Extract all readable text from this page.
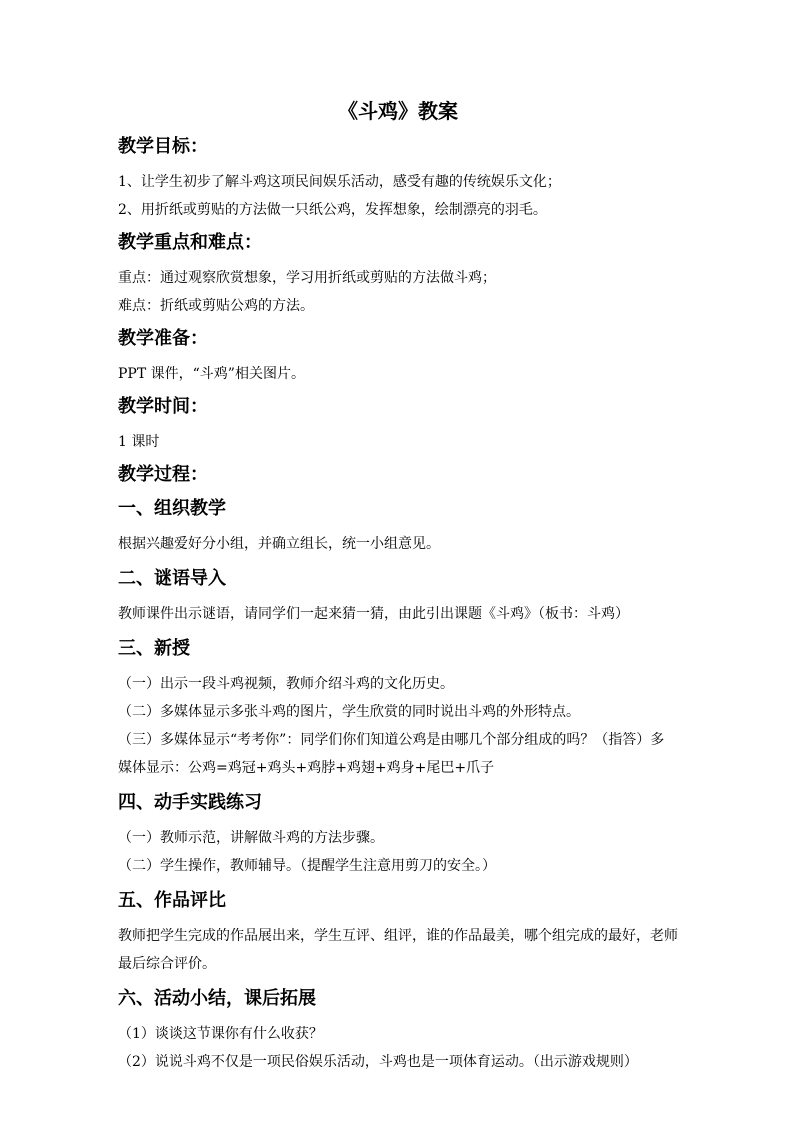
《斗鸡》教案
教学目标：

1、让学生初步了解斗鸡这项民间娱乐活动，感受有趣的传统娱乐文化；

2、用折纸或剪贴的方法做一只纸公鸡，发挥想象，绘制漂亮的羽毛。

教学重点和难点：

重点：通过观察欣赏想象，学习用折纸或剪贴的方法做斗鸡；

难点：折纸或剪贴公鸡的方法。

教学准备：

PPT 课件，“斗鸡”相关图片。

教学时间：

1 课时

教学过程：
一、组织教学

根据兴趣爱好分小组，并确立组长，统一小组意见。

二、谜语导入

教师课件出示谜语，请同学们一起来猜一猜，由此引出课题《斗鸡》（板书：斗鸡）

三、新授

（一）出示一段斗鸡视频，教师介绍斗鸡的文化历史。

（二）多媒体显示多张斗鸡的图片，学生欣赏的同时说出斗鸡的外形特点。

（三）多媒体显示“考考你”：同学们你们知道公鸡是由哪几个部分组成的吗？（指答）多媒体显示：公鸡=鸡冠+鸡头+鸡脖+鸡翅+鸡身+尾巴+爪子

四、动手实践练习

（一）教师示范，讲解做斗鸡的方法步骤。

（二）学生操作，教师辅导。（提醒学生注意用剪刀的安全。）

五、作品评比

教师把学生完成的作品展出来，学生互评、组评，谁的作品最美，哪个组完成的最好，老师最后综合评价。

六、活动小结，课后拓展

（1）谈谈这节课你有什么收获？

（2）说说斗鸡不仅是一项民俗娱乐活动，斗鸡也是一项体育运动。（出示游戏规则）
